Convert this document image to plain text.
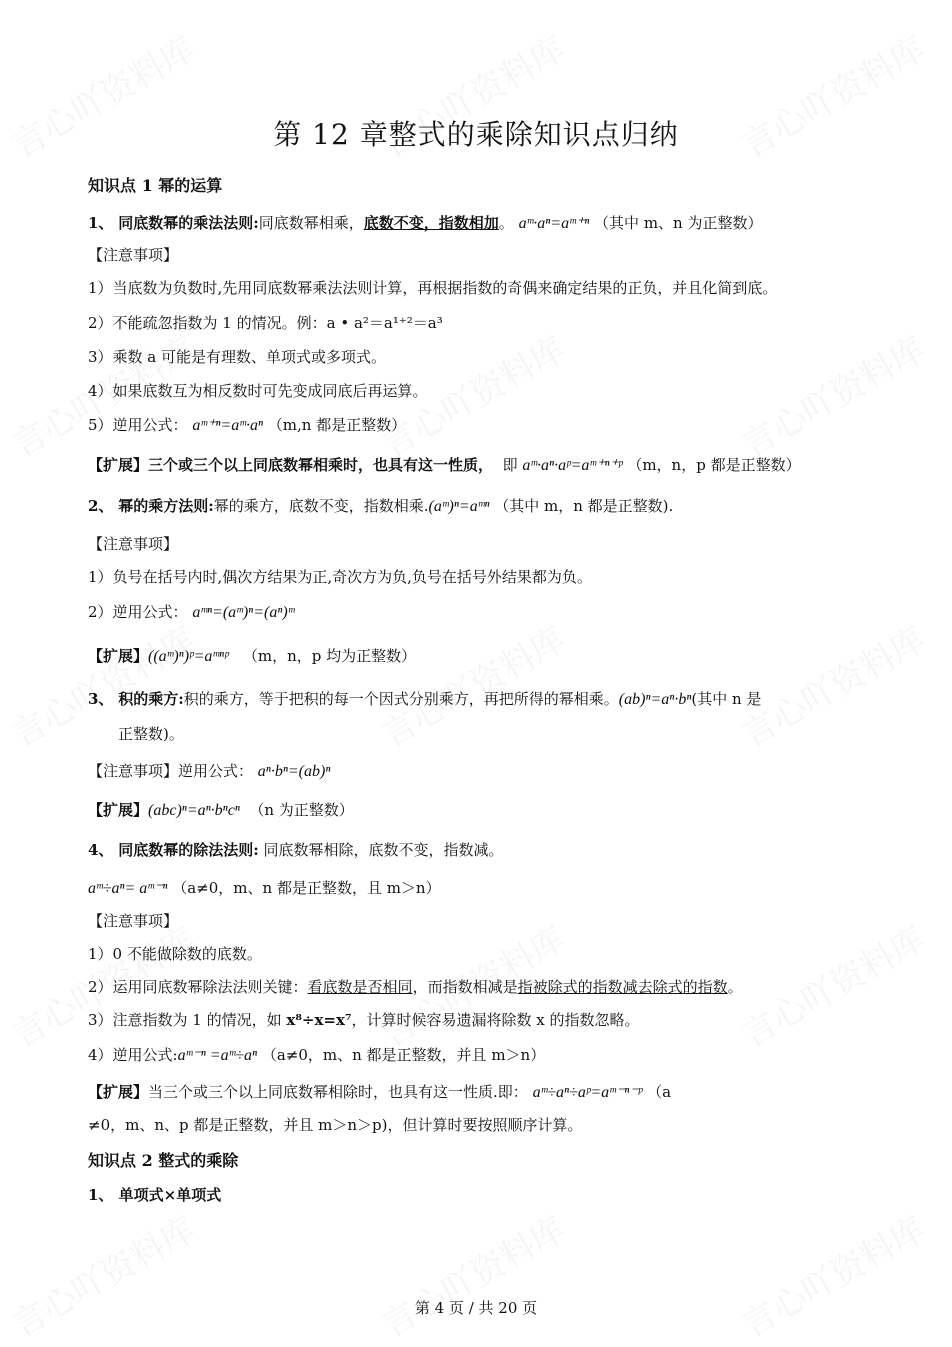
第 12 章整式的乘除知识点归纳
知识点 1 幂的运算
1、 同底数幂的乘法法则:同底数幂相乘，底数不变，指数相加。 aᵐ·aⁿ=aᵐ⁺ⁿ （其中 m、n 为正整数）
【注意事项】
1）当底数为负数时,先用同底数幂乘法法则计算，再根据指数的奇偶来确定结果的正负，并且化简到底。
2）不能疏忽指数为 1 的情况。例：a • a²＝a¹⁺²＝a³
3）乘数 a 可能是有理数、单项式或多项式。
4）如果底数互为相反数时可先变成同底后再运算。
5）逆用公式： aᵐ⁺ⁿ=aᵐ·aⁿ （m,n 都是正整数）
【扩展】三个或三个以上同底数幂相乘时，也具有这一性质， 即 aᵐ·aⁿ·aᵖ=aᵐ⁺ⁿ⁺ᵖ （m，n，p 都是正整数）
2、 幂的乘方法则:幂的乘方，底数不变，指数相乘.(aᵐ)ⁿ=aᵐⁿ （其中 m，n 都是正整数).
【注意事项】
1）负号在括号内时,偶次方结果为正,奇次方为负,负号在括号外结果都为负。
2）逆用公式： aᵐⁿ=(aᵐ)ⁿ=(aⁿ)ᵐ
【扩展】((aᵐ)ⁿ)ᵖ=aᵐⁿᵖ （m，n，p 均为正整数）
3、 积的乘方:积的乘方，等于把积的每一个因式分别乘方，再把所得的幂相乘。(ab)ⁿ=aⁿ·bⁿ(其中 n 是
正整数)。
【注意事项】逆用公式： aⁿ·bⁿ=(ab)ⁿ
【扩展】(abc)ⁿ=aⁿ·bⁿcⁿ （n 为正整数）
4、 同底数幂的除法法则: 同底数幂相除，底数不变，指数减。
aᵐ÷aⁿ= aᵐ⁻ⁿ （a≠0，m、n 都是正整数，且 m＞n）
【注意事项】
1）0 不能做除数的底数。
2）运用同底数幂除法法则关键：看底数是否相同，而指数相减是指被除式的指数减去除式的指数。
3）注意指数为 1 的情况，如 x⁸÷x=x⁷，计算时候容易遗漏将除数 x 的指数忽略。
4）逆用公式:aᵐ⁻ⁿ =aᵐ÷aⁿ （a≠0，m、n 都是正整数，并且 m＞n）
【扩展】当三个或三个以上同底数幂相除时，也具有这一性质.即： aᵐ÷aⁿ÷aᵖ=aᵐ⁻ⁿ⁻ᵖ （a
≠0，m、n、p 都是正整数，并且 m＞n＞p)，但计算时要按照顺序计算。
知识点 2 整式的乘除
1、 单项式×单项式
第 4 页 / 共 20 页
